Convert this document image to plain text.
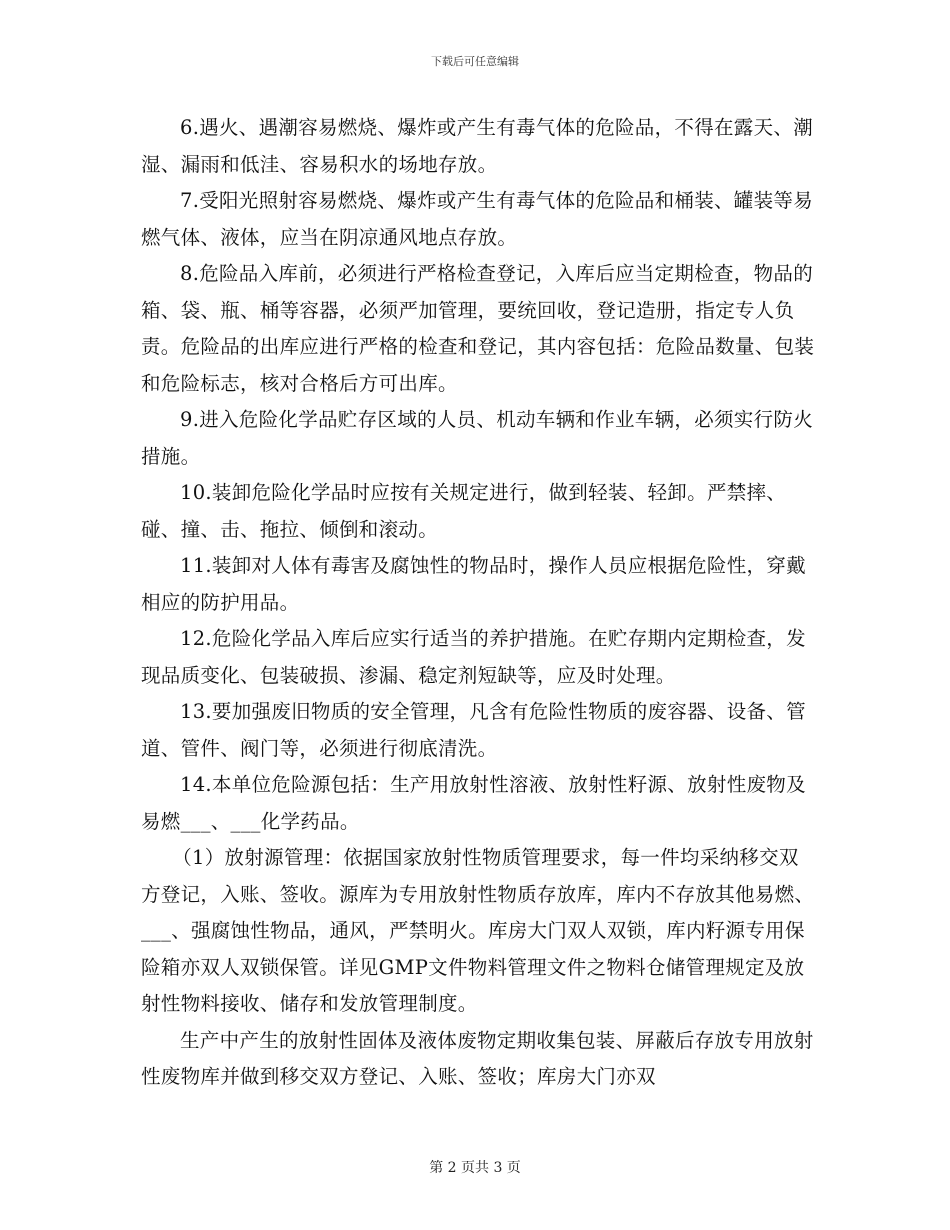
下载后可任意编辑

6.遇火、遇潮容易燃烧、爆炸或产生有毒气体的危险品，不得在露天、潮湿、漏雨和低洼、容易积水的场地存放。

7.受阳光照射容易燃烧、爆炸或产生有毒气体的危险品和桶装、罐装等易燃气体、液体，应当在阴凉通风地点存放。

8.危险品入库前，必须进行严格检查登记，入库后应当定期检查，物品的箱、袋、瓶、桶等容器，必须严加管理，要统回收，登记造册，指定专人负责。危险品的出库应进行严格的检查和登记，其内容包括：危险品数量、包装和危险标志，核对合格后方可出库。

9.进入危险化学品贮存区域的人员、机动车辆和作业车辆，必须实行防火措施。

10.装卸危险化学品时应按有关规定进行，做到轻装、轻卸。严禁摔、碰、撞、击、拖拉、倾倒和滚动。

11.装卸对人体有毒害及腐蚀性的物品时，操作人员应根据危险性，穿戴相应的防护用品。

12.危险化学品入库后应实行适当的养护措施。在贮存期内定期检查，发现品质变化、包装破损、渗漏、稳定剂短缺等，应及时处理。

13.要加强废旧物质的安全管理，凡含有危险性物质的废容器、设备、管道、管件、阀门等，必须进行彻底清洗。

14.本单位危险源包括：生产用放射性溶液、放射性籽源、放射性废物及易燃___、___化学药品。

（1）放射源管理：依据国家放射性物质管理要求，每一件均采纳移交双方登记，入账、签收。源库为专用放射性物质存放库，库内不存放其他易燃、___、强腐蚀性物品，通风，严禁明火。库房大门双人双锁，库内籽源专用保险箱亦双人双锁保管。详见GMP文件物料管理文件之物料仓储管理规定及放射性物料接收、储存和发放管理制度。

生产中产生的放射性固体及液体废物定期收集包装、屏蔽后存放专用放射性废物库并做到移交双方登记、入账、签收；库房大门亦双

第 2 页共 3 页
